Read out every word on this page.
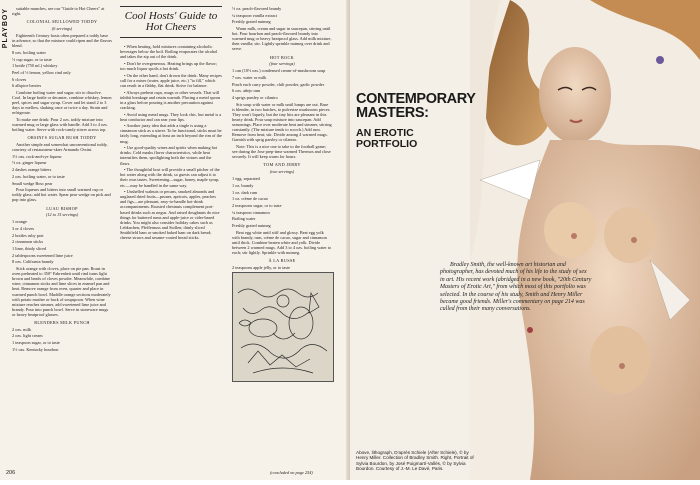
PLAYBOY
206

suitable munches, see our "Guide to Hot Cheers" at right.

COLONIAL MULLOWED TODDY

(6 servings)

Eighteenth Century hosts often prepared a toddy base in advance, so that the mixture could ripen and the flavors blend.

8 ozs. boiling water

½ cup sugar, or to taste

1 bottle (750 ml.) whiskey

Peel of ½ lemon, yellow rind only

6 cloves

6 allspice berries

Combine boiling water and sugar; stir to dissolve. Cool. In large bottle or decanter, combine whiskey, lemon peel, spices and sugar syrup. Cover and let stand 2 to 3 days to mellow, shaking once or twice a day. Strain and refrigerate.

To make one drink: Pour 2 ozs. toddy mixture into warmed mug or large glass with handle. Add 3 to 4 ozs. boiling water. Serve with rock-candy stirrer across top.

ORSINI'S SUGAR BUSH TODDY

Another simple and somewhat unconventional toddy, courtesy of restaurateur-skier Armando Orsini.

1½ ozs. rock-and-rye liqueur

½ oz. ginger liqueur

2 dashes orange bitters

2 ozs. boiling water, or to taste

Small wedge Bosc pear

Pour liqueurs and bitters into small warmed cup or toddy glass; add hot water. Spear pear wedge on pick and pop into glass.

LUAU BISHOP

(12 to 15 servings)

1 orange

3 or 4 cloves

2 bottles ruby port

2 cinnamon sticks

1 lime, thinly sliced

2 tablespoons sweetened lime juice

8 ozs. California brandy

Stick orange with cloves, place on pie pan. Roast in oven preheated to 350° Fahrenheit until rind turns light brown and beads of cloves powder. Meanwhile, combine wine, cinnamon sticks and lime slices in enamel pan and heat. Remove orange from oven, quarter and place in warmed punch bowl. Muddle orange sections moderately with potato masher or back of soupspoon. When wine mixture reaches simmer, add sweetened lime juice and brandy. Pour into punch bowl. Serve in stoneware mugs or heavy heatproof glasses.

BLENDERS MILK PUNCH

2 ozs. milk

2 ozs. light cream

1 teaspoon sugar, or to taste

1½ ozs. Kentucky bourbon

Cool Hosts' Guide to Hot Cheers

• When heating, hold mixtures containing alcoholic beverages below the boil. Boiling evaporates the alcohol and takes the zip out of the drink.

• Don't be overgenerous. Heating brings up the flavor; too much liquor spoils a hot drink.

• On the other hand, don't drown the drink. Many recipes call for a mixer (water, apple juice, etc.) "to fill," which can result in a flabby, flat drink. Strive for balance.

• Always preheat cups, mugs or other vessels. That will inhibit breakage and retain warmth. Placing a metal spoon in a glass before pouring is another precaution against cracking.

• Avoid using metal mugs. They look chic, but metal is a heat conductor and can sear your lips.

• Another jazzy idea that adds a tingle is using a cinnamon stick as a stirrer. To be functional, sticks must be fairly long, extending at least an inch beyond the rim of the mug.

• Use good-quality wines and spirits when making hot drinks. Cold masks flavor characteristics, while heat intensifies them, spotlighting both the virtues and the flaws.

• The thoughtful host will provide a small pitcher of the hot water along with the drink, so guests can adjust it to their own tastes. Sweetening—sugar, honey, maple syrup, etc.—may be handled in the same way.

• Unshelled walnuts or pecans, smoked almonds and unglazed dried fruits—prunes, apricots, apples, peaches and figs—are pleasant, easy-to-handle hot-drink accompaniments. Roasted chestnuts complement port-based drinks such as negus. And raised doughnuts do nice things for buttered rums and apple-juice or cider-based drinks. You might also consider holiday cakes such as Lebkuchen, Pfeffernuss and Stollen; thinly sliced Smithfield ham or smoked baked ham on dark bread; cheese straws and sesame-coated bread sticks.

½ oz. peach-flavored brandy

¼ teaspoon vanilla extract

Freshly grated nutmeg

Warm milk, cream and sugar in saucepan, stirring until hot. Pour bourbon and peach-flavored brandy into warmed mug or heavy heatproof glass. Add milk mixture, then vanilla; stir. Lightly sprinkle nutmeg over drink and serve.

HOT BOCK

(four servings)

1 can (10½ ozs.) condensed cream-of-mushroom soup

7 ozs. water or milk

Pinch each curry powder, chili powder, garlic powder

6 ozs. añejo rum

4 sprigs parsley or cilantro

Stir soup with water or milk until lumps are out. Base is blender, in two batches, to pulverize mushroom pieces. They won't liquefy, but the tiny bits are pleasant in this hearty drink. Pour soup mixture into saucepan. Add seasonings. Place over moderate heat and simmer, stirring constantly. (The mixture tends to scorch.) Add rum. Remove from heat; stir. Divide among 4 warmed mugs. Garnish with sprig parsley or cilantro.

Note: This is a nice one to take to the football game; see during the Jose prep-time warmed Thermos and close securely. It will keep warm for hours.

TOM AND JERRY

(two servings)

1 egg, separated

1 oz. brandy

1 oz. dark rum

1 oz. crème de cacao

2 teaspoons sugar, or to taste

¼ teaspoon cinnamon

Boiling water

Freshly grated nutmeg

Beat egg white until stiff and glossy. Beat egg yolk with brandy, rum, crème de cacao, sugar and cinnamon until thick. Combine beaten white and yolk. Divide between 2 warmed mugs. Add 3 to 4 ozs. boiling water to each; stir lightly. Sprinkle with nutmeg.

À LA RUSSE

2 teaspoons apple jelly, or to taste

(concluded on page 254)
CONTEMPORARY MASTERS:
AN EROTIC PORTFOLIO

Bradley Smith, the well-known art historian and photographer, has devoted much of his life to the study of sex in art. His recent work (abridged in a new book, "20th Century Masters of Erotic Art," from which most of this portfolio was selected. In the course of his study, Smith and Henry Miller became good friends. Miller's commentary on page 214 was culled from their many conversations.

Above, lithograph, D'après Schiele (After Schiele), © by Henry Miller. Collection of Bradley Smith. Right, Portrait of Sylvia Bourdon, by José Puigmartí-Vallès, © by Sylvia Bourdon. Courtesy of J.-M. Le Davé, Paris.
